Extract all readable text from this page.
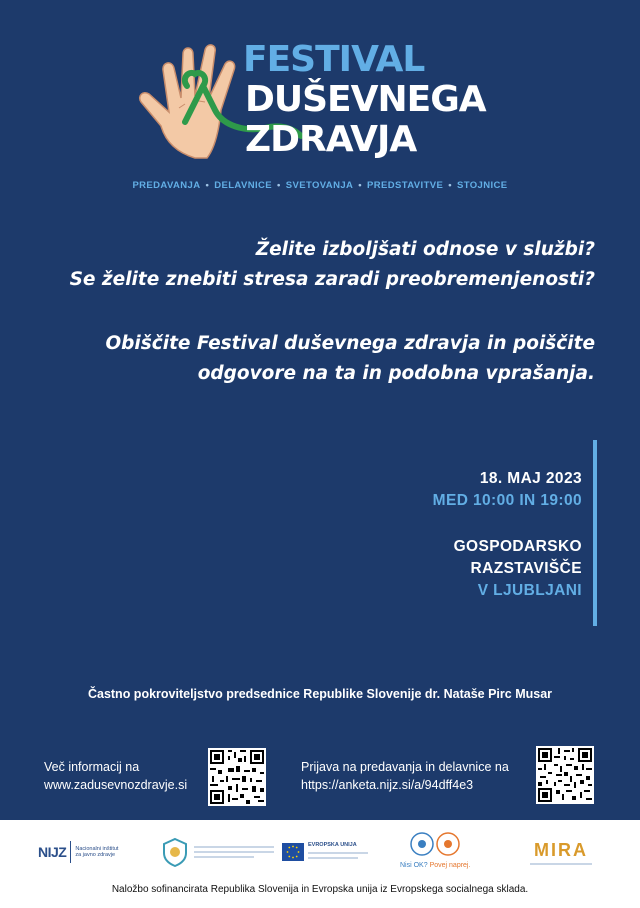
FESTIVAL
DUŠEVNEGA
ZDRAVJA
PREDAVANJA • DELAVNICE • SVETOVANJA • PREDSTAVITVE • STOJNICE
Želite izboljšati odnose v službi?
Se želite znebiti stresa zaradi preobremenjenosti?
Obiščite Festival duševnega zdravja in poiščite
odgovore na ta in podobna vprašanja.
18. MAJ 2023
MED 10:00 IN 19:00
GOSPODARSKO
RAZSTAVIŠČE
V LJUBLJANI
Častno pokroviteljstvo predsednice Republike Slovenije dr. Nataše Pirc Musar
Več informacij na
www.zadusevnozdravje.si
Prijava na predavanja in delavnice na
https://anketa.nijz.si/a/94dff4e3
NIJZ Nacionalni inštitut
za javno zdravje
EVROPSKA UNIJA
Nisi OK? Povej naprej.
MIRA
Naložbo sofinancirata Republika Slovenija in Evropska unija iz Evropskega socialnega sklada.
